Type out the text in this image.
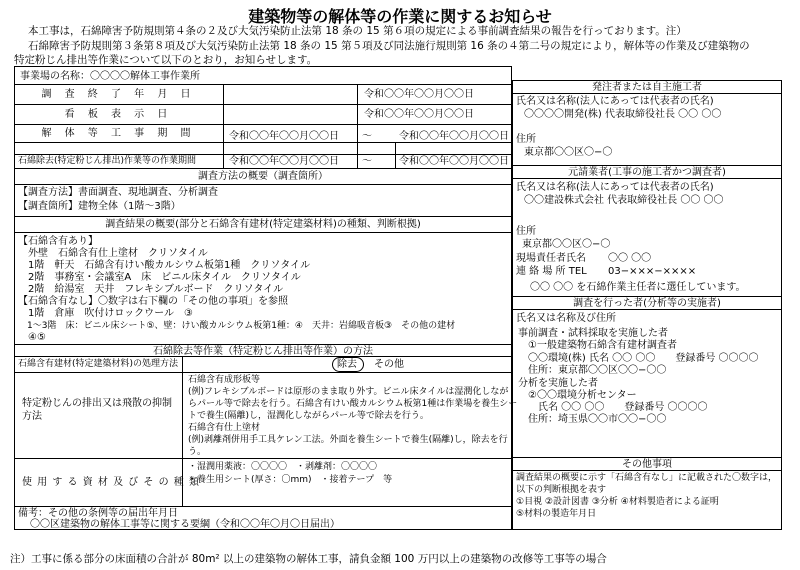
建築物等の解体等の作業に関するお知らせ

本工事は，石綿障害予防規則第４条の２及び大気汚染防止法第 18 条の 15 第６項の規定による事前調査結果の報告を行っております。注）

石綿障害予防規則第３条第８項及び大気汚染防止法第 18 条の 15 第５項及び同法施行規則第 16 条の４第二号の規定により，解体等の作業及び建築物の

特定粉じん排出等作業について以下のとおり，お知らせします。

事業場の名称：〇〇〇〇解体工事作業所
調 査 終 了 年 月 日	令和〇〇年〇〇月〇〇日
看 板 表 示 日	令和〇〇年〇〇月〇〇日
解 体 等 工 事 期 間	令和〇〇年〇〇月〇〇日 〜	令和〇〇年〇〇月〇〇日
石綿除去(特定粉じん排出)作業等の作業期間	令和〇〇年〇〇月〇〇日 〜	令和〇〇年〇〇月〇〇日
調査方法の概要（調査箇所）
【調査方法】書面調査、現地調査、分析調査
【調査箇所】建物全体（1階〜3階）
調査結果の概要(部分と石綿含有建材(特定建築材料)の種類、判断根拠)
【石綿含有あり】
　外壁　石綿含有仕上塗材　クリソタイル
　1階　軒天　石綿含有けい酸カルシウム板第1種　クリソタイル
　2階　事務室・会議室A　床　ビニル床タイル　クリソタイル
　2階　給湯室　天井　フレキシブルボード　クリソタイル
【石綿含有なし】〇数字は右下欄の「その他の事項」を参照
　1階　倉庫　吹付けロックウール　③
　1〜3階　床：ビニル床シート⑤、壁：けい酸カルシウム板第1種：④　天井：岩綿吸音板③　その他の建材
　④⑤
石綿除去等作業（特定粉じん排出等作業）の方法
石綿含有建材(特定建築材料)の処理方法	除去	その他
特定粉じんの排出又は飛散の抑制方法
石綿含有成形板等
(例)フレキシブルボードは原形のまま取り外す。ビニル床タイルは湿潤化しなが
らパール等で除去を行う。石綿含有けい酸カルシウム板第1種は作業場を養生シー
トで養生(隔離)し，湿潤化しながらパール等で除去を行う。
石綿含有仕上塗材
(例)剥離剤併用手工具ケレン工法。外面を養生シートで養生(隔離)し，除去を行
う。
使 用 す る 資 材 及 び そ の 種 類
・湿潤用薬液：〇〇〇〇　・剥離剤：〇〇〇〇
・養生用シート(厚さ：〇mm)　・接着テープ　等
備考：その他の条例等の届出年月日
〇〇区建築物の解体工事等に関する要綱（令和〇〇年〇月〇日届出）
発注者または自主施工者
氏名又は名称(法人にあっては代表者の氏名)
〇〇〇〇開発(株) 代表取締役社長 〇〇 〇〇
住所
東京都〇〇区〇−〇
元請業者(工事の施工者かつ調査者)
氏名又は名称(法人にあっては代表者の氏名)
〇〇建設株式会社 代表取締役社長 〇〇 〇〇
住所
東京都〇〇区〇−〇
現場責任者氏名 〇〇 〇〇
連 絡 場 所 TEL 03−×××−××××
〇〇 〇〇 を石綿作業主任者に選任しています。
調査を行った者(分析等の実施者)
氏名又は名称及び住所
事前調査・試料採取を実施した者
　①一般建築物石綿含有建材調査者
　〇〇環境(株) 氏名 〇〇 〇〇　　登録番号 〇〇〇〇
　住所：東京都〇〇区〇〇−〇〇
分析を実施した者
　②〇〇環境分析センター
　　氏名 〇〇 〇〇　　登録番号 〇〇〇〇
　住所：埼玉県〇〇市〇〇−〇〇
その他事項
調査結果の概要に示す「石綿含有なし」に記載された〇数字は，
以下の判断根拠を表す
①目視 ②設計図書 ③分析 ④材料製造者による証明
⑤材料の製造年月日
注）工事に係る部分の床面積の合計が 80m² 以上の建築物の解体工事，請負金額 100 万円以上の建築物の改修等工事等の場合
